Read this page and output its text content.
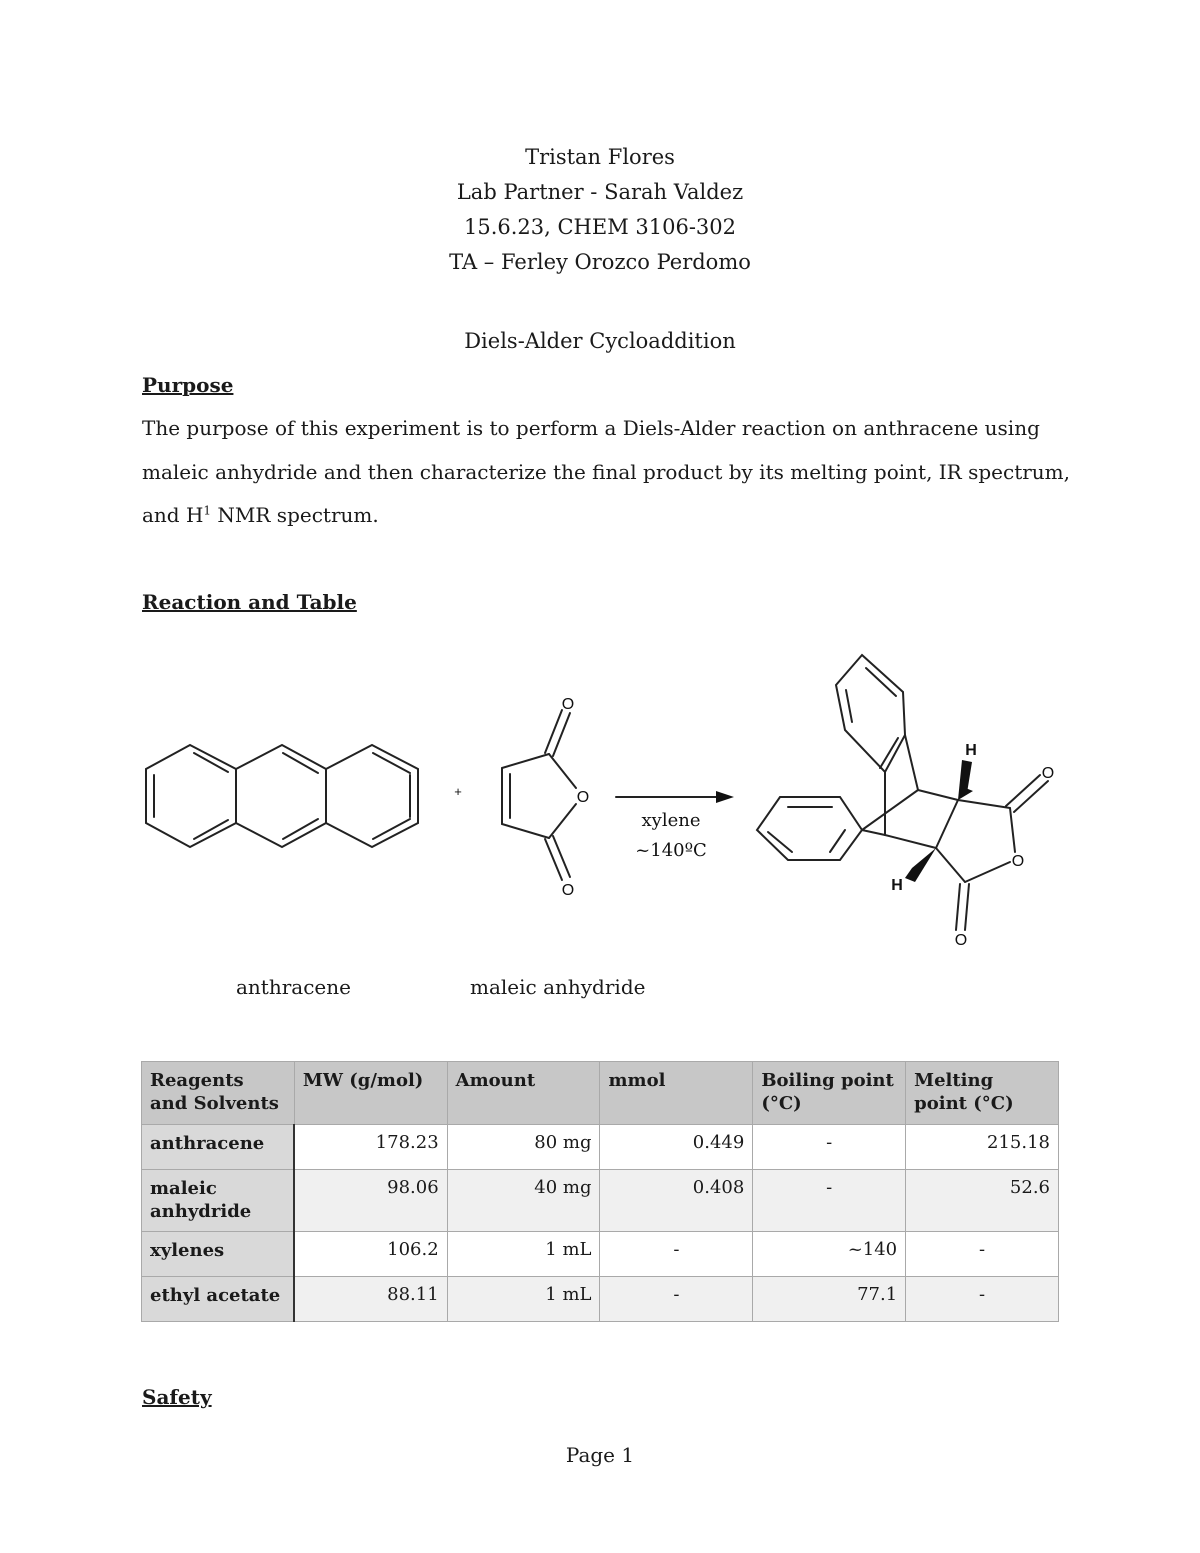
Tristan Flores
Lab Partner - Sarah Valdez
15.6.23, CHEM 3106-302
TA – Ferley Orozco Perdomo
Diels-Alder Cycloaddition
Purpose
The purpose of this experiment is to perform a Diels-Alder reaction on anthracene using maleic anhydride and then characterize the final product by its melting point, IR spectrum, and $H^1$ NMR spectrum.
Reaction and Table
O
O
O
O
O
O
H
H
+
xylene
~140ºC
anthracene	maleic anhydride
Reagents and Solvents	MW (g/mol)	Amount	mmol	Boiling point (°C)	Melting point (°C)
anthracene	178.23	80 mg	0.449	-	215.18
maleic anhydride	98.06	40 mg	0.408	-	52.6
xylenes	106.2	1 mL	-	~140	-
ethyl acetate	88.11	1 mL	-	77.1	-
Safety
Page 1
